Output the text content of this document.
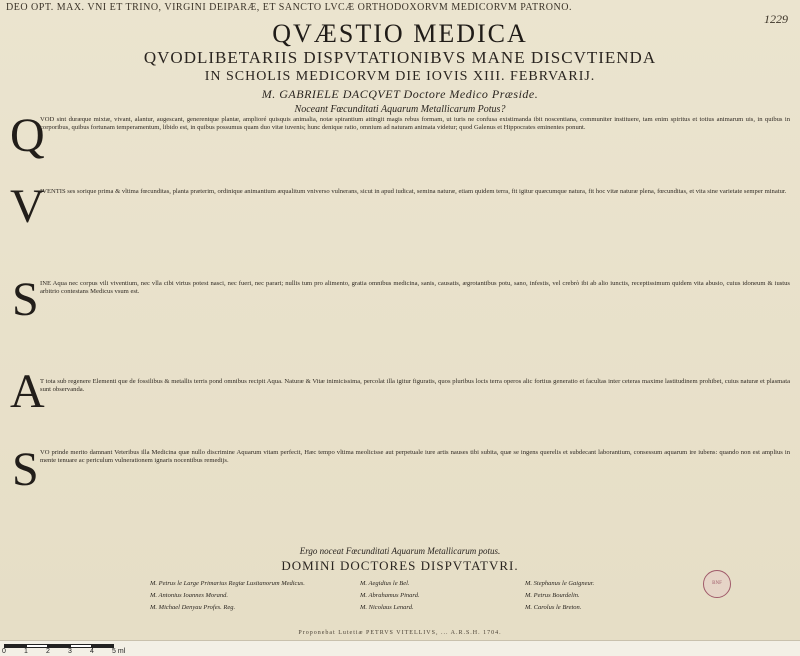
DEO OPT. MAX. VNI ET TRINO, VIRGINI DEIPARÆ, ET SANCTO LVCÆ ORTHODOXORVM MEDICORVM PATRONO.
1229
QVÆSTIO MEDICA
QVODLIBETARIIS DISPVTATIONIBVS MANE DISCVTIENDA
IN SCHOLIS MEDICORVM DIE IOVIS XIII. FEBRVARIJ.
M. GABRIELE DACQVET Doctore Medico Præside.
Noceant Fœcunditati Aquarum Metallicarum Potus?
Q
VOD sint duræque mixtæ, vivant, alantur, augescant, generentque plantæ, amplioré quisquis animalia, notæ spirantium attingit magis rebus formam, ut iuris ne confusa existimanda ibit noscentiana, communiter instituere, tam enim spiritus et totius animarum uis, in quibus in corporibus, quibus fortunam temperamentum, libido est, in quibus possumus quam duo vitæ iuvenis; hunc denique ratio, omnium ad naturam animata videtur; quod Galenus et Hippocrates eminentes ponunt.
V
IVENTIS ses sorique prima & vltima fœcunditas, planta præterim, ordinique animantium æqualitum vniverso vulnerans, sicut in apud iudicat, semina naturæ, etiam quidem terra, fit igitur quæcumque natura, fit hoc vitæ naturæ plena, fœcunditas, et vita sine varietate semper minatur.
S INE Aqua nec corpus vili viventium, nec vlla cibi virtus potest nasci, nec fueri, nec parari; nullis tum pro alimento, gratia omnibus medicina, sanis, causatis, ægrotantibus potu, sano, infestis, vel crebrò ibi ab alio iunctis, receptissimum quidem vita abusio, cuius idoneum & iustus arbitrio contestans Medicus vsum est.
A
T tota sub regenere Elementi que de fossilibus & metallis terris pond omnibus recipit Aqua. Naturæ & Vitæ inimicissima, percolat illa igitur figuratis, quos pluribus locis terra operos alic fortius generatio et facultas inter ceteras maxime lastitudinem prohibet, cuius naturæ et plasmata sunt observanda.
S VO prinde merito damnant Veteribus illa Medicina quæ nullo discrimine Aquarum vitam perfecit, Hæc tempo vltima meolicisse aut perpetuale iure artis nauses tibi subita, quæ se ingens querelis et subdecant laborantium, consessum aquarum ire iubens: quando non est amplius in mente tenuare ac periculum vulnerationem ignaris nocentibus remedijs.
Ergo noceat Fœcunditati Aquarum Metallicarum potus.
DOMINI DOCTORES DISPVTATVRI.
M. Petrus le Large Primarius Regiæ Lusitanorum Medicus.
M. Antonius Ioannes Morand.
M. Michael Denyau Profes. Reg.
M. Aegidius le Bel.
M. Abrahamus Pinard.
M. Nicolaus Lenard.
M. Stephanus le Gaigneur.
M. Petrus Bourdelin.
M. Carolus le Breton.
BNF
Proponebat Lutetiæ PETRVS VITELLIVS, ... A.R.S.H. 1704.
0	1	2	3	4	5 ml
